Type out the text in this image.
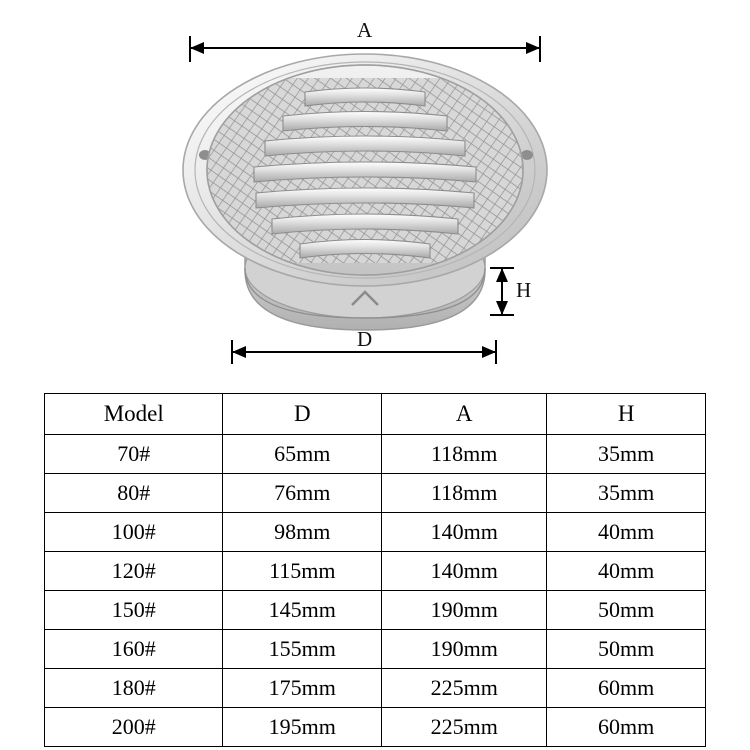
A
D
H
Model	D	A	H
70#	65mm	118mm	35mm
80#	76mm	118mm	35mm
100#	98mm	140mm	40mm
120#	115mm	140mm	40mm
150#	145mm	190mm	50mm
160#	155mm	190mm	50mm
180#	175mm	225mm	60mm
200#	195mm	225mm	60mm
